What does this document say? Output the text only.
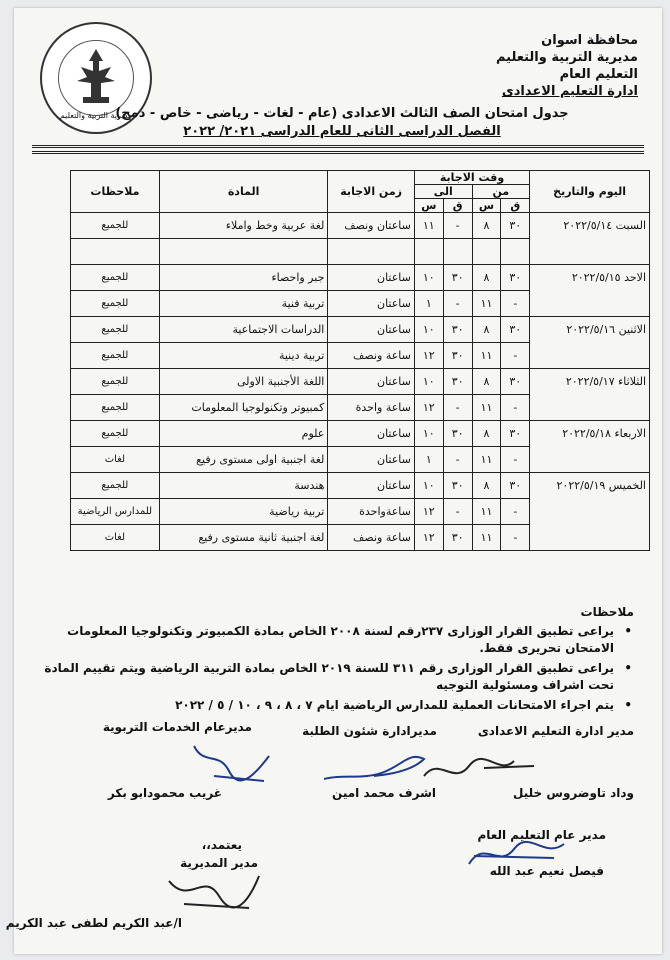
مديرية التربية والتعليم
محافظة اسوان
مديرية التربية والتعليم
التعليم العام
ادارة التعليم الاعدادى
جدول امتحان الصف الثالث الاعدادى (عام - لغات - رياضى - خاص - دمج)
الفصل الدراسى الثانى للعام الدراسى ٢٠٢١/ ٢٠٢٢
اليوم والتاريخ	وقت الاجابة				زمن الاجابة	المادة	ملاحظات
	من		الى				
	ق	س	ق	س			
السبت ٢٠٢٢/٥/١٤	٣٠	٨	-	١١	ساعتان ونصف	لغة عربية وخط واملاء	للجميع

الاحد ٢٠٢٢/٥/١٥	٣٠	٨	٣٠	١٠	ساعتان	جبر واحصاء	للجميع
	-	١١	-	١	ساعتان	تربية فنية	للجميع
الاثنين ٢٠٢٢/٥/١٦	٣٠	٨	٣٠	١٠	ساعتان	الدراسات الاجتماعية	للجميع
	-	١١	٣٠	١٢	ساعة ونصف	تربية دينية	للجميع
الثلاثاء ٢٠٢٢/٥/١٧	٣٠	٨	٣٠	١٠	ساعتان	اللغة الأجنبية الاولى	للجميع
	-	١١	-	١٢	ساعة واحدة	كمبيوتر وتكنولوجيا المعلومات	للجميع
الاربعاء ٢٠٢٢/٥/١٨	٣٠	٨	٣٠	١٠	ساعتان	علوم	للجميع
	-	١١	-	١	ساعتان	لغة اجنبية اولى مستوى رفيع	لغات
الخميس ٢٠٢٢/٥/١٩	٣٠	٨	٣٠	١٠	ساعتان	هندسة	للجميع
	-	١١	-	١٢	ساعةواحدة	تربية رياضية	للمدارس الرياضية
	-	١١	٣٠	١٢	ساعة ونصف	لغة اجنبية ثانية مستوى رفيع	لغات
ملاحظات
•
يراعى تطبيق القرار الوزارى ٢٣٧رقم لسنة ٢٠٠٨ الخاص بمادة الكمبيوتر وتكنولوجيا المعلومات الامتحان تحريرى فقط.
•
يراعى تطبيق القرار الوزارى رقم ٣١١ للسنة ٢٠١٩ الخاص بمادة التربية الرياضية ويتم تقييم المادة تحت اشراف ومسئولية التوجيه
•
يتم اجراء الامتحانات العملية للمدارس الرياضية ايام ٧ ، ٨ ، ٩ ، ١٠ / ٥ / ٢٠٢٢
مدير ادارة التعليم الاعدادى
مديرادارة شئون الطلبة
مديرعام الخدمات التربوية
وداد تاوضروس خليل
اشرف محمد امين
غريب محمودابو بكر
مدير عام التعليم العام
فيصل نعيم عبد الله
يعتمد،،
مدير المديرية
ا/عبد الكريم لطفى عبد الكريم
